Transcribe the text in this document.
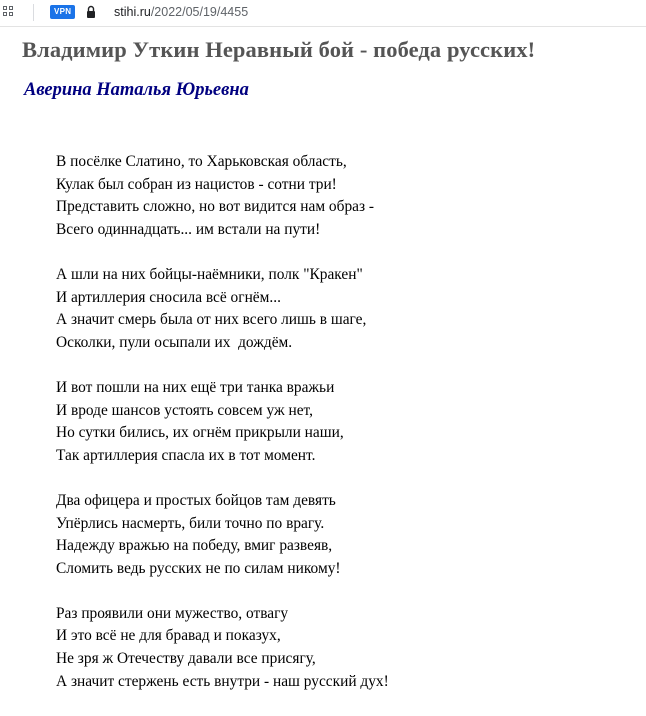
VPN	stihi.ru/2022/05/19/4455
Владимир Уткин Неравный бой - победа русских!
Аверина Наталья Юрьевна
В посёлке Слатино, то Харьковская область,
Кулак был собран из нацистов - сотни три!
Представить сложно, но вот видится нам образ -
Всего одиннадцать... им встали на пути!
А шли на них бойцы-наёмники, полк "Кракен"
И артиллерия сносила всё огнём...
А значит смерь была от них всего лишь в шаге,
Осколки, пули осыпали их  дождём.
И вот пошли на них ещё три танка вражьи
И вроде шансов устоять совсем уж нет,
Но сутки бились, их огнём прикрыли наши,
Так артиллерия спасла их в тот момент.
Два офицера и простых бойцов там девять
Упёрлись насмерть, били точно по врагу.
Надежду вражью на победу, вмиг развеяв,
Сломить ведь русских не по силам никому!
Раз проявили они мужество, отвагу
И это всё не для бравад и показух,
Не зря ж Отечеству давали все присягу,
А значит стержень есть внутри - наш русский дух!
